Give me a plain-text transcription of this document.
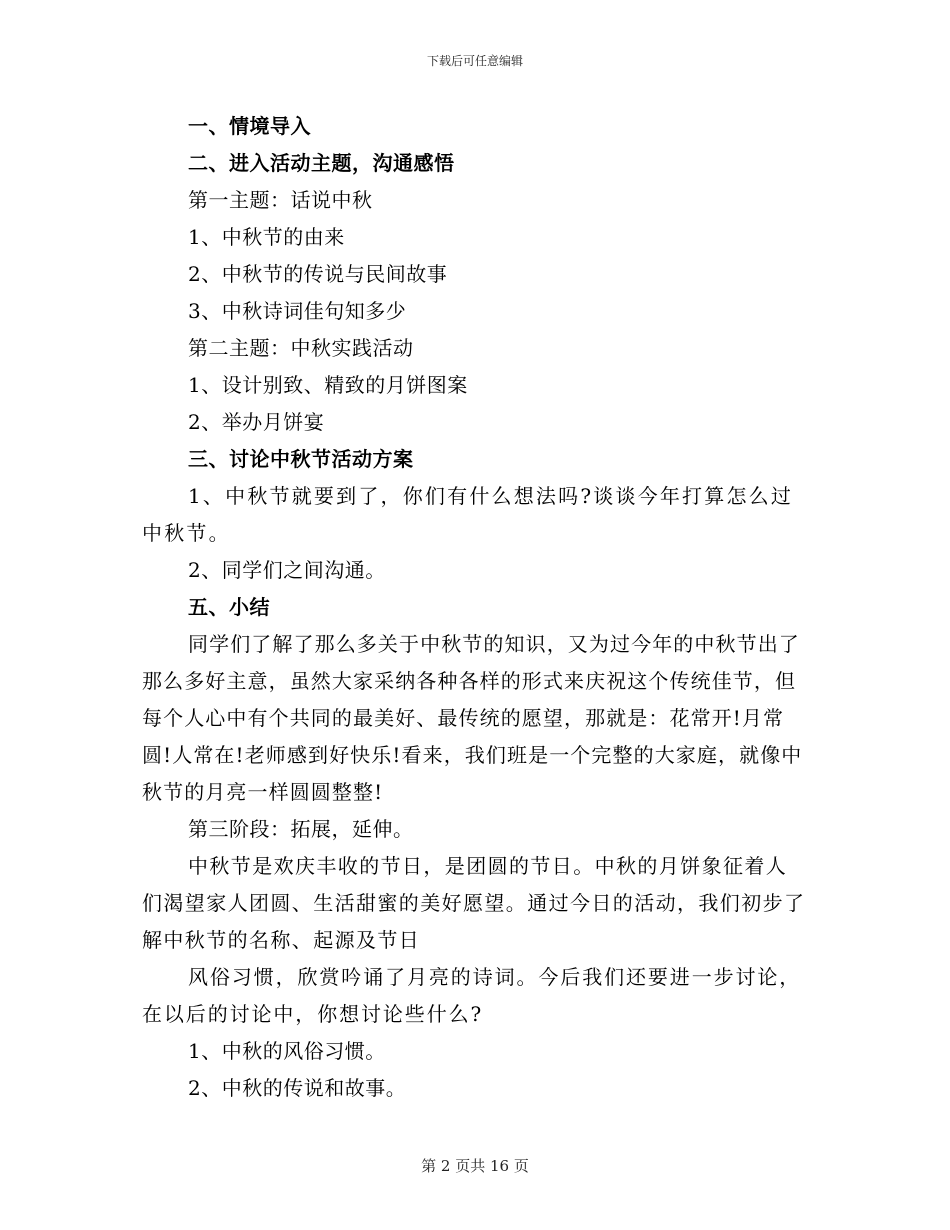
下载后可任意编辑

一、情境导入

二、进入活动主题，沟通感悟

第一主题：话说中秋

1、中秋节的由来

2、中秋节的传说与民间故事

3、中秋诗词佳句知多少

第二主题：中秋实践活动

1、设计别致、精致的月饼图案

2、举办月饼宴

三、讨论中秋节活动方案

1、中秋节就要到了，你们有什么想法吗?谈谈今年打算怎么过中秋节。

2、同学们之间沟通。

五、小结

同学们了解了那么多关于中秋节的知识，又为过今年的中秋节出了那么多好主意，虽然大家采纳各种各样的形式来庆祝这个传统佳节，但每个人心中有个共同的最美好、最传统的愿望，那就是：花常开!月常圆!人常在!老师感到好快乐!看来，我们班是一个完整的大家庭，就像中秋节的月亮一样圆圆整整!

第三阶段：拓展，延伸。

中秋节是欢庆丰收的节日，是团圆的节日。中秋的月饼象征着人们渴望家人团圆、生活甜蜜的美好愿望。通过今日的活动，我们初步了解中秋节的名称、起源及节日

风俗习惯，欣赏吟诵了月亮的诗词。今后我们还要进一步讨论，在以后的讨论中，你想讨论些什么?

1、中秋的风俗习惯。

2、中秋的传说和故事。

第 2 页共 16 页
